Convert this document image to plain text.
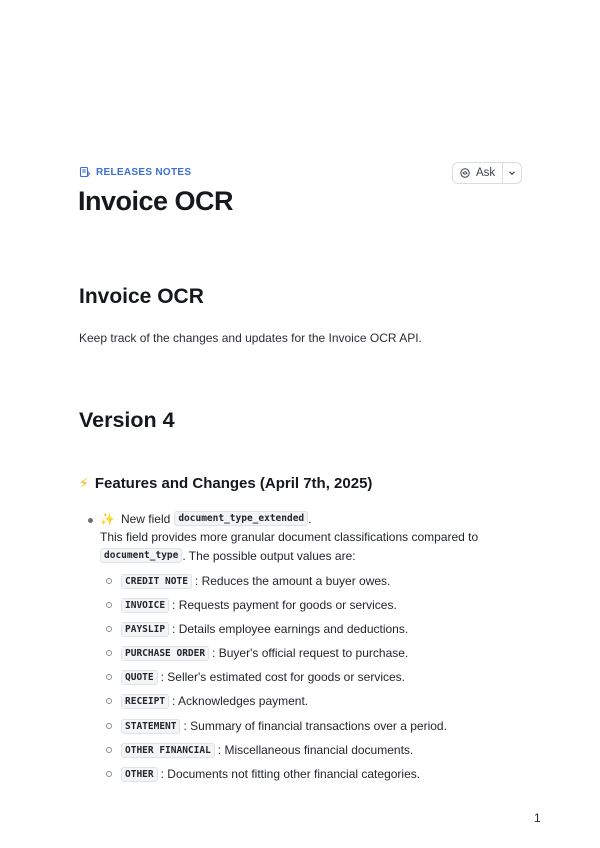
RELEASES NOTES	Ask
Invoice OCR
Invoice OCR

Keep track of the changes and updates for the Invoice OCR API.

Version 4
⚡ Features and Changes (April 7th, 2025)
✨ New field document_type_extended .
This field provides more granular document classifications compared to
document_type . The possible output values are:
CREDIT NOTE : Reduces the amount a buyer owes.
INVOICE : Requests payment for goods or services.
PAYSLIP : Details employee earnings and deductions.
PURCHASE ORDER : Buyer's official request to purchase.
QUOTE : Seller's estimated cost for goods or services.
RECEIPT : Acknowledges payment.
STATEMENT : Summary of financial transactions over a period.
OTHER FINANCIAL : Miscellaneous financial documents.
OTHER : Documents not fitting other financial categories.
1
